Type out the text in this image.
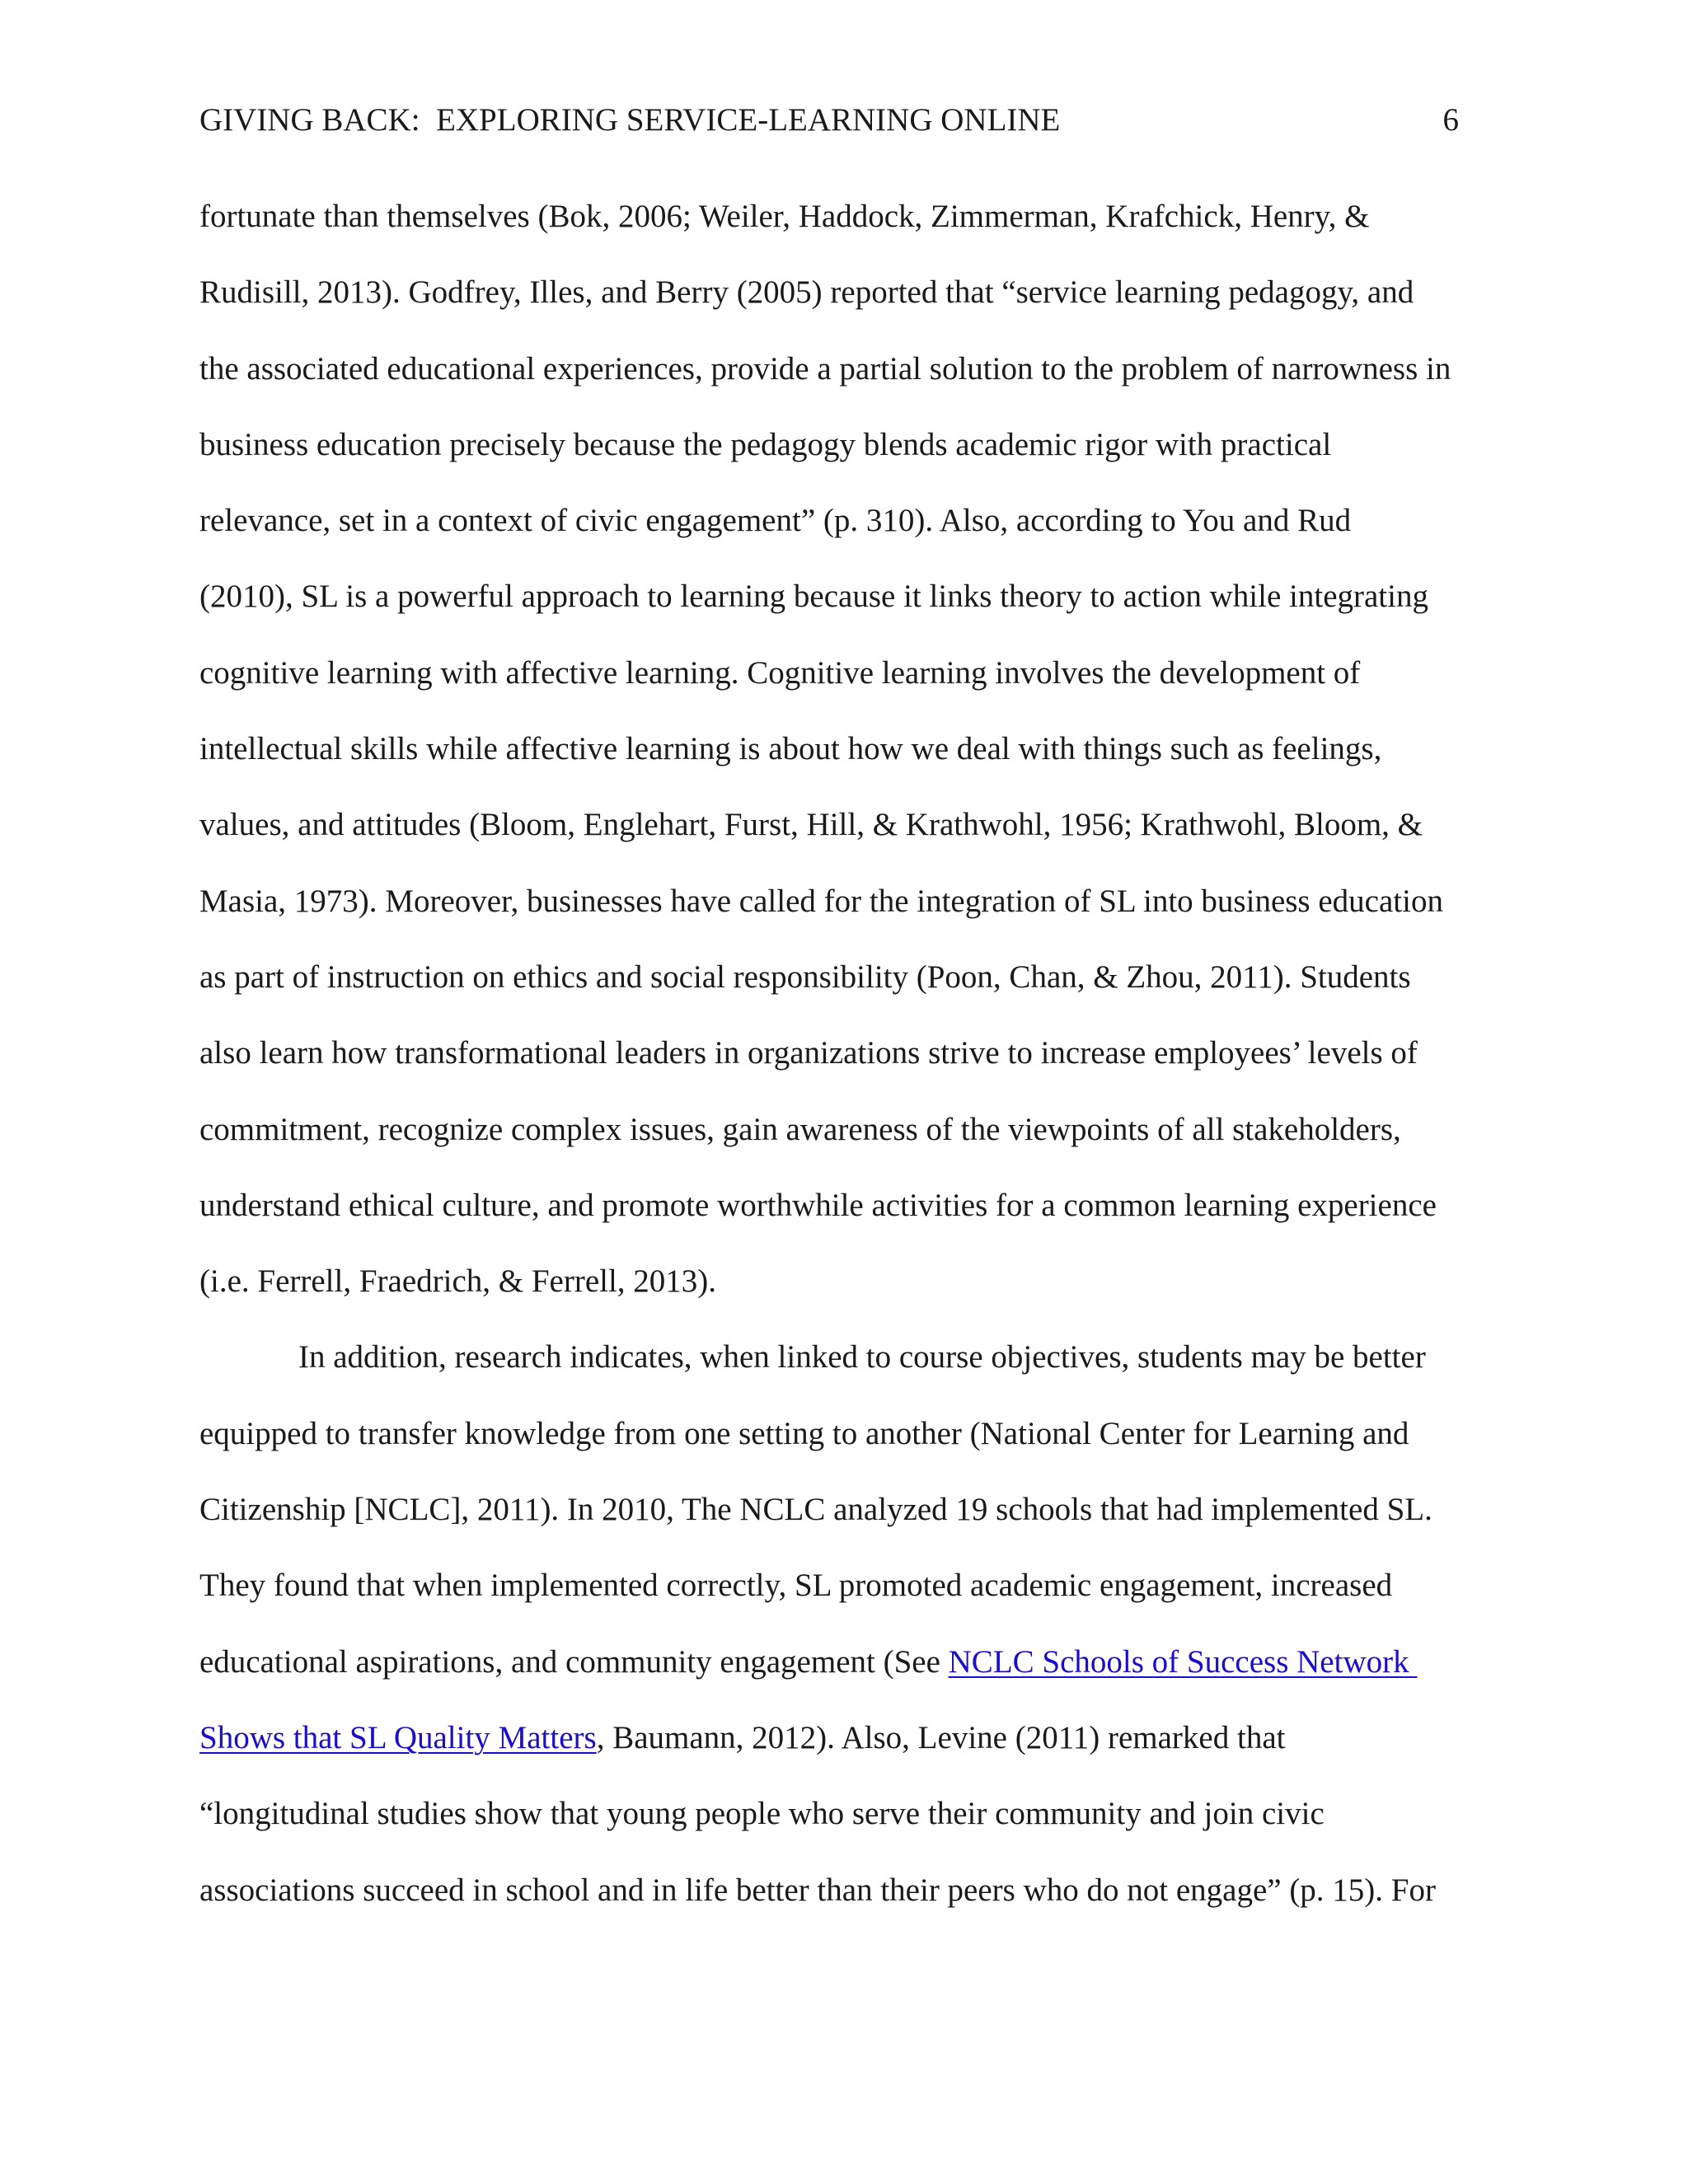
GIVING BACK:  EXPLORING SERVICE-LEARNING ONLINE	6
fortunate than themselves (Bok, 2006; Weiler, Haddock, Zimmerman, Krafchick, Henry, &
Rudisill, 2013). Godfrey, Illes, and Berry (2005) reported that “service learning pedagogy, and
the associated educational experiences, provide a partial solution to the problem of narrowness in
business education precisely because the pedagogy blends academic rigor with practical
relevance, set in a context of civic engagement” (p. 310). Also, according to You and Rud
(2010), SL is a powerful approach to learning because it links theory to action while integrating
cognitive learning with affective learning. Cognitive learning involves the development of
intellectual skills while affective learning is about how we deal with things such as feelings,
values, and attitudes (Bloom, Englehart, Furst, Hill, & Krathwohl, 1956; Krathwohl, Bloom, &
Masia, 1973). Moreover, businesses have called for the integration of SL into business education
as part of instruction on ethics and social responsibility (Poon, Chan, & Zhou, 2011). Students
also learn how transformational leaders in organizations strive to increase employees’ levels of
commitment, recognize complex issues, gain awareness of the viewpoints of all stakeholders,
understand ethical culture, and promote worthwhile activities for a common learning experience
(i.e. Ferrell, Fraedrich, & Ferrell, 2013).
In addition, research indicates, when linked to course objectives, students may be better
equipped to transfer knowledge from one setting to another (National Center for Learning and
Citizenship [NCLC], 2011). In 2010, The NCLC analyzed 19 schools that had implemented SL.
They found that when implemented correctly, SL promoted academic engagement, increased
educational aspirations, and community engagement (See NCLC Schools of Success Network
Shows that SL Quality Matters, Baumann, 2012). Also, Levine (2011) remarked that
“longitudinal studies show that young people who serve their community and join civic
associations succeed in school and in life better than their peers who do not engage” (p. 15). For
